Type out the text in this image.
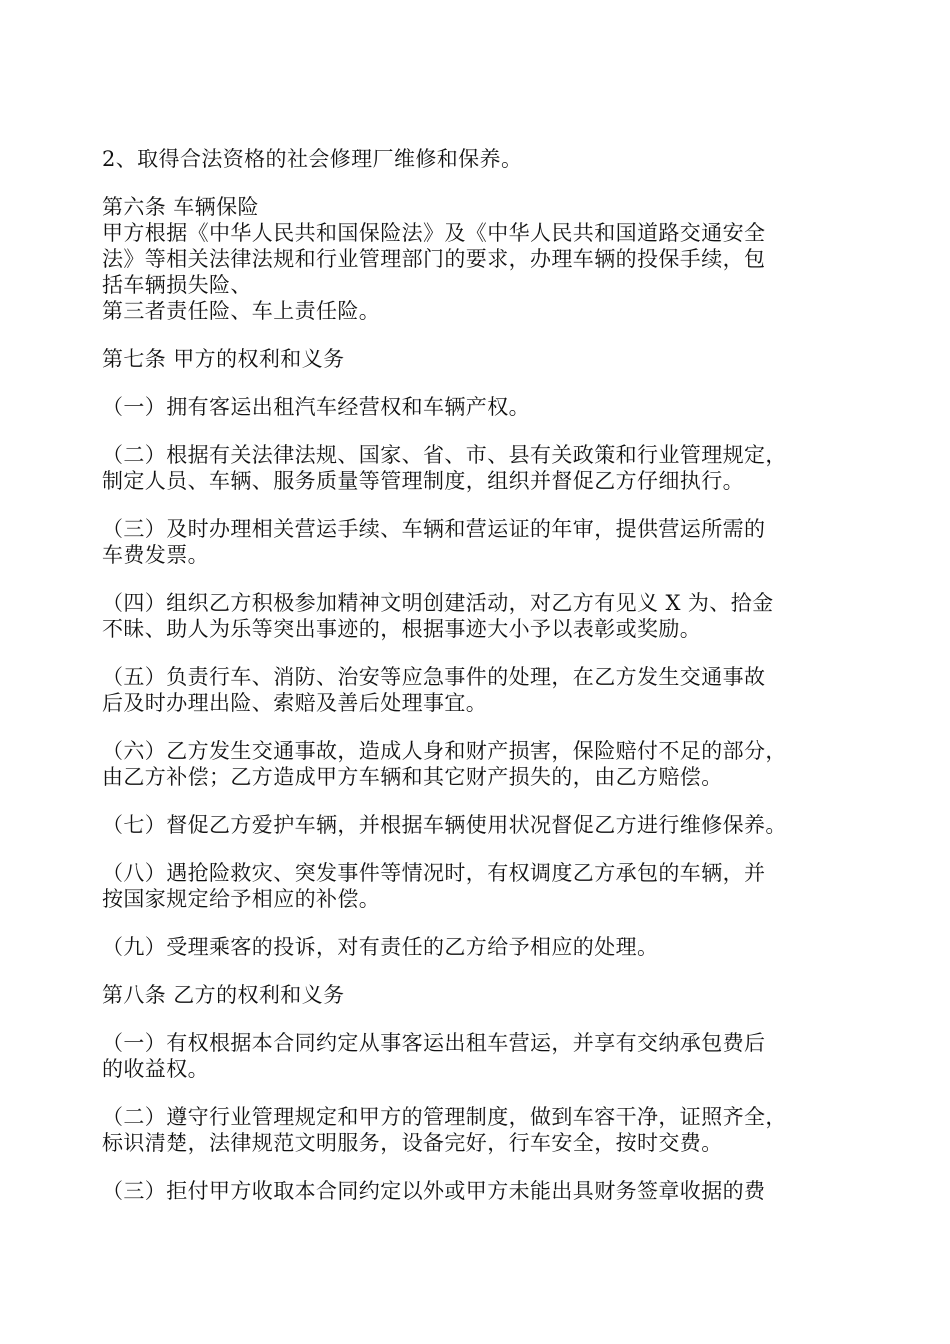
2、取得合法资格的社会修理厂维修和保养。
第六条 车辆保险
甲方根据《中华人民共和国保险法》及《中华人民共和国道路交通安全
法》等相关法律法规和行业管理部门的要求，办理车辆的投保手续，包
括车辆损失险、
第三者责任险、车上责任险。
第七条 甲方的权利和义务
（一）拥有客运出租汽车经营权和车辆产权。
（二）根据有关法律法规、国家、省、市、县有关政策和行业管理规定，
制定人员、车辆、服务质量等管理制度，组织并督促乙方仔细执行。
（三）及时办理相关营运手续、车辆和营运证的年审，提供营运所需的
车费发票。
（四）组织乙方积极参加精神文明创建活动，对乙方有见义 X 为、拾金
不昧、助人为乐等突出事迹的，根据事迹大小予以表彰或奖励。
（五）负责行车、消防、治安等应急事件的处理，在乙方发生交通事故
后及时办理出险、索赔及善后处理事宜。
（六）乙方发生交通事故，造成人身和财产损害，保险赔付不足的部分，
由乙方补偿；乙方造成甲方车辆和其它财产损失的，由乙方赔偿。
（七）督促乙方爱护车辆，并根据车辆使用状况督促乙方进行维修保养。
（八）遇抢险救灾、突发事件等情况时，有权调度乙方承包的车辆，并
按国家规定给予相应的补偿。
（九）受理乘客的投诉，对有责任的乙方给予相应的处理。
第八条 乙方的权利和义务
（一）有权根据本合同约定从事客运出租车营运，并享有交纳承包费后
的收益权。
（二）遵守行业管理规定和甲方的管理制度，做到车容干净，证照齐全，
标识清楚，法律规范文明服务，设备完好，行车安全，按时交费。
（三）拒付甲方收取本合同约定以外或甲方未能出具财务签章收据的费
